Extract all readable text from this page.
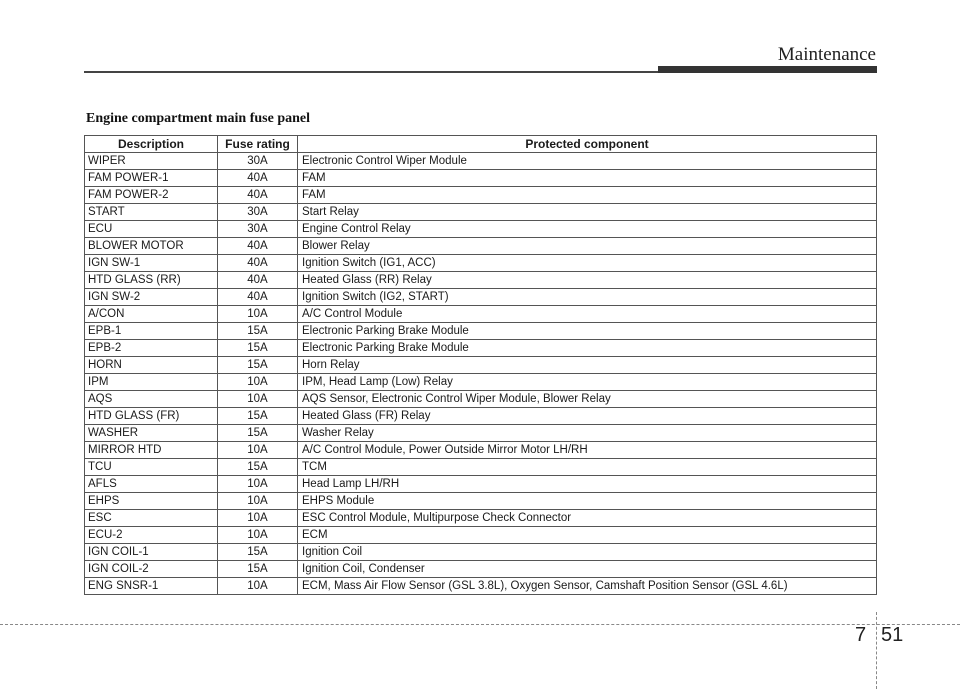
Maintenance
Engine compartment main fuse panel
Description	Fuse rating	Protected component
WIPER	30A	Electronic Control Wiper Module
FAM POWER-1	40A	FAM
FAM POWER-2	40A	FAM
START	30A	Start Relay
ECU	30A	Engine Control Relay
BLOWER MOTOR	40A	Blower Relay
IGN SW-1	40A	Ignition Switch (IG1, ACC)
HTD GLASS (RR)	40A	Heated Glass (RR) Relay
IGN SW-2	40A	Ignition Switch (IG2, START)
A/CON	10A	A/C Control Module
EPB-1	15A	Electronic Parking Brake Module
EPB-2	15A	Electronic Parking Brake Module
HORN	15A	Horn Relay
IPM	10A	IPM, Head Lamp (Low) Relay
AQS	10A	AQS Sensor, Electronic Control Wiper Module, Blower Relay
HTD GLASS (FR)	15A	Heated Glass (FR) Relay
WASHER	15A	Washer Relay
MIRROR HTD	10A	A/C Control Module, Power Outside Mirror Motor LH/RH
TCU	15A	TCM
AFLS	10A	Head Lamp LH/RH
EHPS	10A	EHPS Module
ESC	10A	ESC Control Module, Multipurpose Check Connector
ECU-2	10A	ECM
IGN COIL-1	15A	Ignition Coil
IGN COIL-2	15A	Ignition Coil, Condenser
ENG SNSR-1	10A	ECM, Mass Air Flow Sensor (GSL 3.8L), Oxygen Sensor, Camshaft Position Sensor (GSL 4.6L)
7 51
